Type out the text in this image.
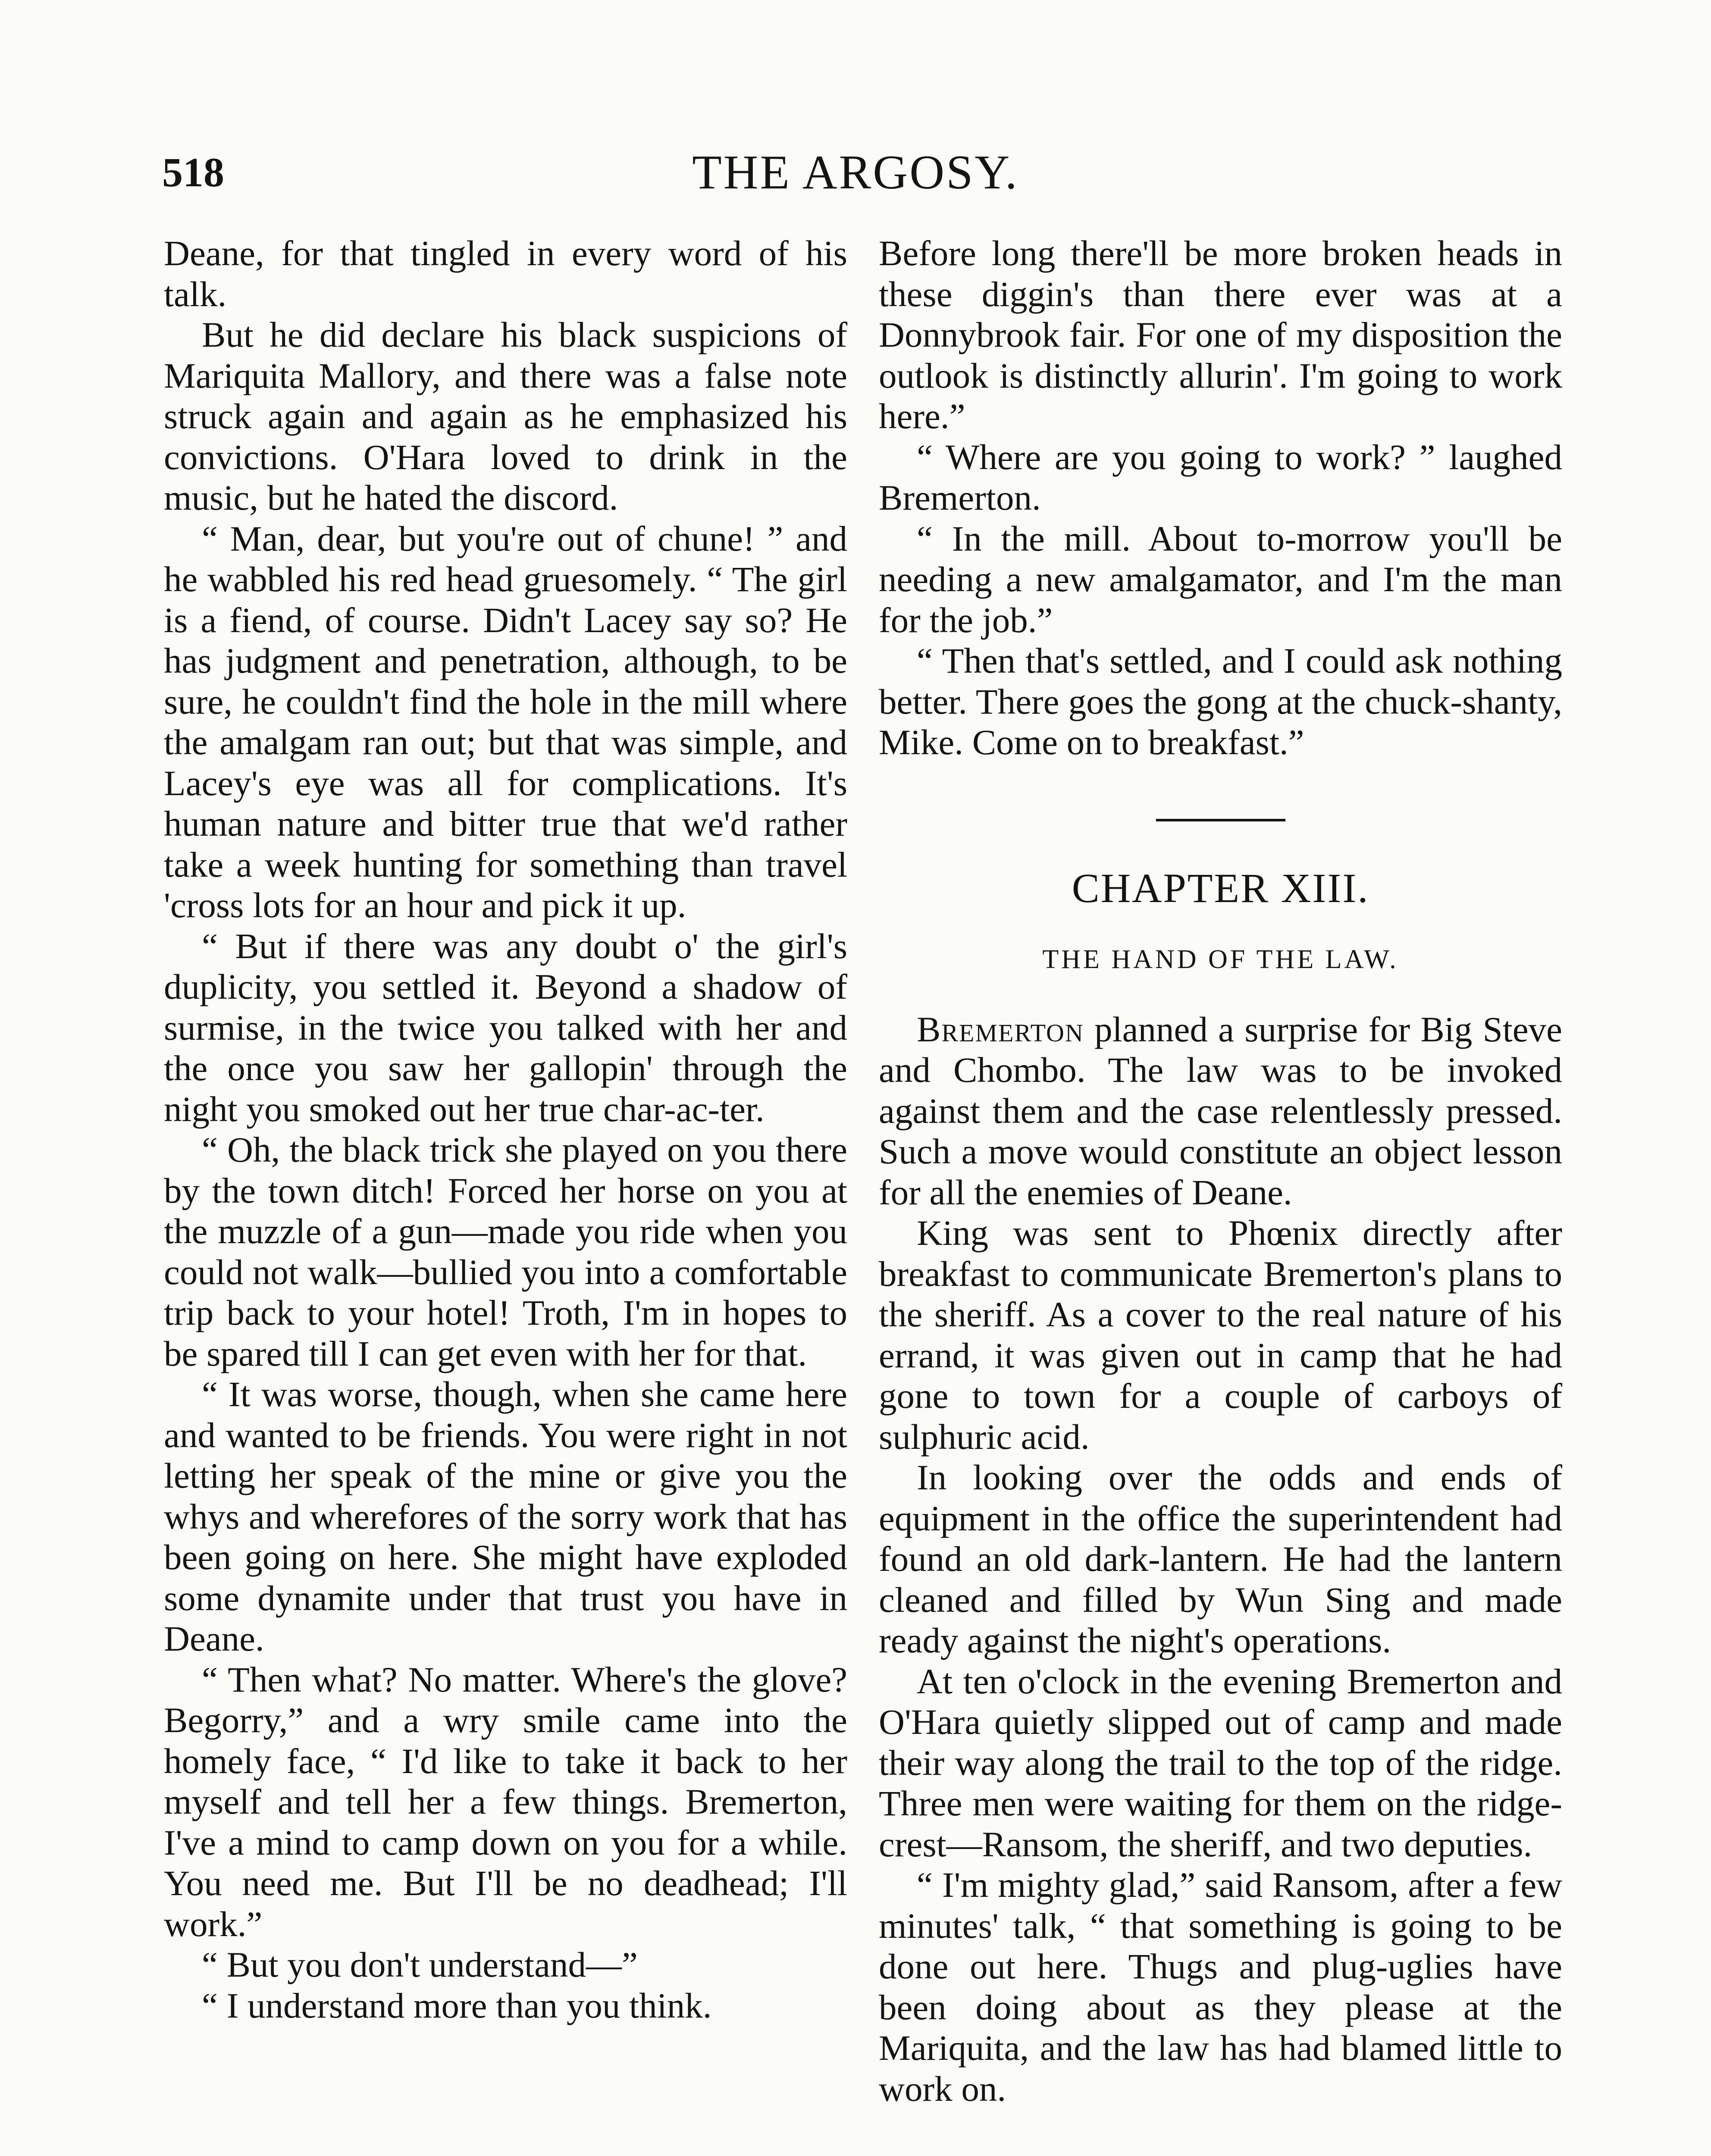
518	THE ARGOSY.

Deane, for that tingled in every word of his talk.

But he did declare his black suspicions of Mariquita Mallory, and there was a false note struck again and again as he emphasized his convictions. O'Hara loved to drink in the music, but he hated the discord.

“ Man, dear, but you're out of chune! ” and he wabbled his red head gruesomely. “ The girl is a fiend, of course. Didn't Lacey say so? He has judgment and penetration, although, to be sure, he couldn't find the hole in the mill where the amalgam ran out; but that was simple, and Lacey's eye was all for complications. It's human nature and bitter true that we'd rather take a week hunting for something than travel 'cross lots for an hour and pick it up.

“ But if there was any doubt o' the girl's duplicity, you settled it. Beyond a shadow of surmise, in the twice you talked with her and the once you saw her gallopin' through the night you smoked out her true char-ac-ter.

“ Oh, the black trick she played on you there by the town ditch! Forced her horse on you at the muzzle of a gun—made you ride when you could not walk—bullied you into a comfortable trip back to your hotel! Troth, I'm in hopes to be spared till I can get even with her for that.

“ It was worse, though, when she came here and wanted to be friends. You were right in not letting her speak of the mine or give you the whys and wherefores of the sorry work that has been going on here. She might have exploded some dynamite under that trust you have in Deane.

“ Then what? No matter. Where's the glove? Begorry,” and a wry smile came into the homely face, “ I'd like to take it back to her myself and tell her a few things. Bremerton, I've a mind to camp down on you for a while. You need me. But I'll be no deadhead; I'll work.”

“ But you don't understand—”

“ I understand more than you think.

Before long there'll be more broken heads in these diggin's than there ever was at a Donnybrook fair. For one of my disposition the outlook is distinctly allurin'. I'm going to work here.”

“ Where are you going to work? ” laughed Bremerton.

“ In the mill. About to-morrow you'll be needing a new amalgamator, and I'm the man for the job.”

“ Then that's settled, and I could ask nothing better. There goes the gong at the chuck-shanty, Mike. Come on to breakfast.”

CHAPTER XIII.
THE HAND OF THE LAW.

Bremerton planned a surprise for Big Steve and Chombo. The law was to be invoked against them and the case relentlessly pressed. Such a move would constitute an object lesson for all the enemies of Deane.

King was sent to Phœnix directly after breakfast to communicate Bremerton's plans to the sheriff. As a cover to the real nature of his errand, it was given out in camp that he had gone to town for a couple of carboys of sulphuric acid.

In looking over the odds and ends of equipment in the office the superintendent had found an old dark-lantern. He had the lantern cleaned and filled by Wun Sing and made ready against the night's operations.

At ten o'clock in the evening Bremerton and O'Hara quietly slipped out of camp and made their way along the trail to the top of the ridge. Three men were waiting for them on the ridge-crest—Ransom, the sheriff, and two deputies.

“ I'm mighty glad,” said Ransom, after a few minutes' talk, “ that something is going to be done out here. Thugs and plug-uglies have been doing about as they please at the Mariquita, and the law has had blamed little to work on.
